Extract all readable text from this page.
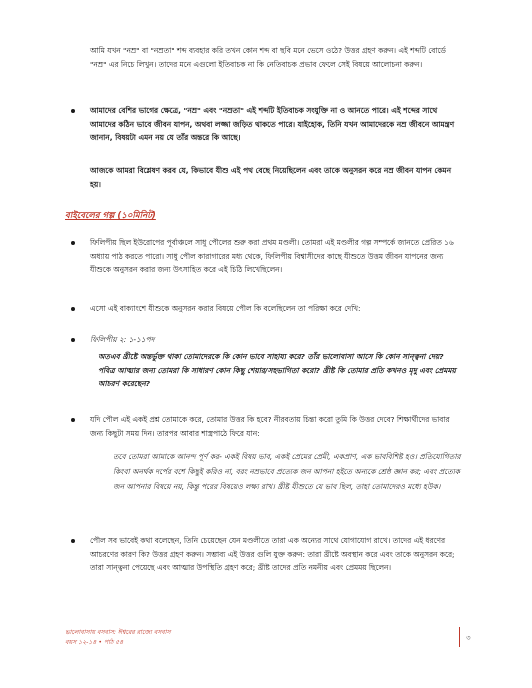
আমি যখন "নম্র" বা "নম্রতা" শব্দ ব্যবহার করি তখন কোন শব্দ বা ছবি মনে ভেসে ওঠে? উত্তর গ্রহণ করুন। এই শব্দটি বোর্ডে "নম্র" এর নিচে লিখুন। তাদের মনে এগুলো ইতিবাচক না কি নেতিবাচক প্রভাব ফেলে সেই বিষয়ে আলোচনা করুন।

আমাদের বেশির ভাগের ক্ষেত্রে, "নম্র" এবং "নম্রতা" এই শব্দটি ইতিবাচক সংযুক্তি না ও আনতে পারে। এই শব্দের সাথে আমাদের কঠিন ভাবে জীবন যাপন, অথবা লজ্জা জড়িত থাকতে পারে। যাইহোক, তিনি যখন আমাদেরকে নম্র জীবনে আমন্ত্রণ জানান, বিষয়টা এমন নয় যে তাঁর অন্তরে কি আছে।

আজকে আমরা বিশ্লেষণ করব যে, কিভাবে যীশু এই পথ বেছে নিয়েছিলেন এবং তাকে অনুসরন করে নম্র জীবন যাপন কেমন হয়।

বাইবেলের গল্প (১০মিনিট)

ফিলিপীয় ছিল ইউরোপের পূর্বাঞ্চলে সাধু পৌলের শুরু করা প্রথম মণ্ডলী। তোমরা এই মণ্ডলীর গল্প সম্পর্কে জানতে প্রেরিত ১৬ অধ্যায় পাঠ করতে পারো। সাধু পৌল কারাগারের মধ্য থেকে, ফিলিপীয় বিশ্বাসীদের কাছে যীশুতে উত্তম জীবন যাপনের জন্য যীশুকে অনুসরন করার জন্য উৎসাহিত করে এই চিঠি লিখেছিলেন।

এসো এই বাক্যাংশে যীশুকে অনুসরন করার বিষয়ে পৌল কি বলেছিলেন তা পরিক্ষা করে দেখি:

ফিলিপীয় ২: ১-১১পদ

অতএব খ্রীষ্টে অন্তর্ভুক্ত থাকা তোমাদেরকে কি কোন ভাবে সাহায্য করে? তাঁর ভালোবাসা আসে কি কোন সান্ত্বনা দেয়? পবিত্র আত্মার জন্য তোমরা কি সাধারণ কোন কিছু শেয়ার/সহভাগিতা করো? খ্রীষ্ট কি তোমার প্রতি কখনও মৃদু এবং প্রেমময় আচরণ করেছেন?

যদি পৌল এই একই প্রশ্ন তোমাকে করে, তোমার উত্তর কি হবে? নীরবতায় চিন্তা করো তুমি কি উত্তর দেবে? শিক্ষার্থীদের ভাবার জন্য কিছুটা সময় দিন। তারপর আবার শাস্ত্রপাঠে ফিরে যান:

তবে তোমরা আমাকে আনন্দ পূর্ণ কর- একই বিষয় ভাব, একই প্রেমের প্রেমী, একপ্রাণ, এক ভাববিশিষ্ট হও। প্রতিযোগিতার কিংবা অনর্থক দর্পের বশে কিছুই করিও না, বরং নম্রভাবে প্রত্যেক জন আপনা হইতে অন্যকে শ্রেষ্ঠ জ্ঞান কর; এবং প্রত্যেক জন আপনার বিষয়ে নয়, কিন্তু পরের বিষয়েও লক্ষ্য রাখ। খ্রীষ্ট যীশুতে যে ভাব ছিল, তাহা তোমাদেরও মধ্যে হউক।

পৌল সব ভাবেই কথা বলেছেন, তিনি চেয়েছেন যেন মণ্ডলীতে তারা এক অন্যের সাথে যোগাযোগ রাখে। তাদের এই ধরণের আচরণের কারণ কি? উত্তর গ্রহণ করুন। সম্ভাব্য এই উত্তর গুলি যুক্ত করুন: তারা খ্রীষ্টে অবস্থান করে এবং তাকে অনুসরন করে; তারা সান্ত্বনা পেয়েছে এবং আত্মার উপস্থিতি গ্রহণ করে; খ্রীষ্ট তাদের প্রতি নমনীয় এবং প্রেমময় ছিলেন।

ভালোবাসায় বসবাস: ঈশ্বরের রাজ্যে বসবাস

বয়স ১২-১৪ • পাঠ ৫৪

৩
